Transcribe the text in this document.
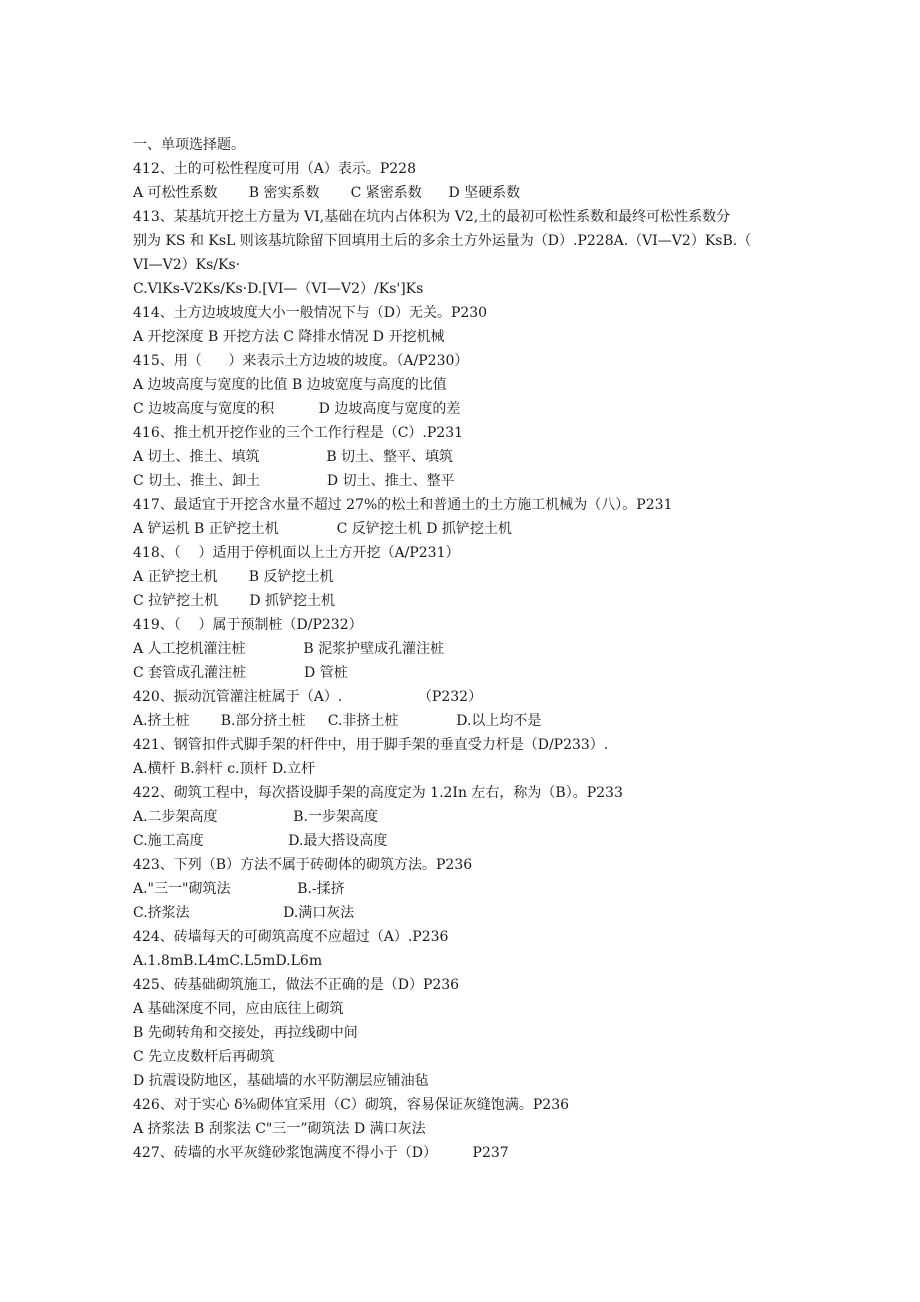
一、单项选择题。
412、土的可松性程度可用（A）表示。P228
A 可松性系数       B 密实系数       C 紧密系数      D 坚硬系数
413、某基坑开挖土方量为 VI,基础在坑内占体积为 V2,土的最初可松性系数和最终可松性系数分
别为 KS 和 KsL 则该基坑除留下回填用土后的多余土方外运量为（D）.P228A.（VI—V2）KsB.（
VI—V2）Ks/Ks·
C.VlKs-V2Ks/Ks·D.[VI—（VI—V2）/Ks']Ks
414、土方边坡坡度大小一般情况下与（D）无关。P230
A 开挖深度 B 开挖方法 C 降排水情况 D 开挖机械
415、用（      ）来表示土方边坡的坡度。（A/P230）
A 边坡高度与宽度的比值 B 边坡宽度与高度的比值
C 边坡高度与宽度的积          D 边坡高度与宽度的差
416、推土机开挖作业的三个工作行程是（C）.P231
A 切土、推土、填筑               B 切土、整平、填筑
C 切土、推土、卸土               D 切土、推土、整平
417、最适宜于开挖含水量不超过 27%的松土和普通土的土方施工机械为（八）。P231
A 铲运机 B 正铲挖土机             C 反铲挖土机 D 抓铲挖土机
418、（    ）适用于停机面以上土方开挖（A/P231）
A 正铲挖土机       B 反铲挖土机
C 拉铲挖土机       D 抓铲挖土机
419、（    ）属于预制桩（D/P232）
A 人工挖机灌注桩             B 泥浆护壁成孔灌注桩
C 套管成孔灌注桩             D 管桩
420、振动沉管灌注桩属于（A）.                 （P232）
A.挤土桩       B.部分挤土桩     C.非挤土桩             D.以上均不是
421、钢管扣件式脚手架的杆件中，用于脚手架的垂直受力杆是（D/P233）.
A.横杆 B.斜杆 c.顶杆 D.立杆
422、砌筑工程中，每次搭设脚手架的高度定为 1.2In 左右，称为（B）。P233
A.二步架高度                 B.一步架高度
C.施工高度                   D.最大搭设高度
423、下列（B）方法不属于砖砌体的砌筑方法。P236
A."三一"砌筑法               B.-揉挤
C.挤浆法                     D.满口灰法
424、砖墙每天的可砌筑高度不应超过（A）.P236
A.1.8mB.L4mC.L5mD.L6m
425、砖基础砌筑施工，做法不正确的是（D）P236
A 基础深度不同，应由底往上砌筑
B 先砌转角和交接处，再拉线砌中间
C 先立皮数杆后再砌筑
D 抗震设防地区，基础墙的水平防潮层应铺油毡
426、对于实心 δ⅜砌体宜采用（C）砌筑，容易保证灰缝饱满。P236
A 挤浆法 B 刮浆法 C"三一”砌筑法 D 满口灰法
427、砖墙的水平灰缝砂浆饱满度不得小于（D）        P237
